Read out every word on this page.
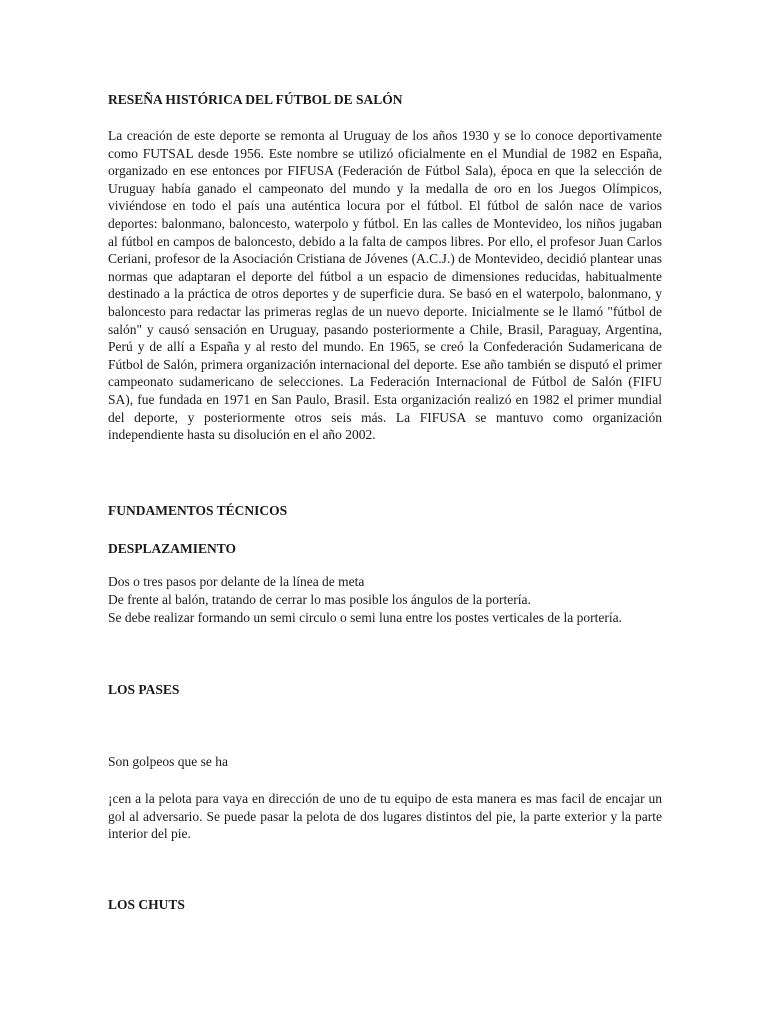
RESEÑA HISTÓRICA DEL FÚTBOL DE SALÓN

La creación de este deporte se remonta al Uruguay de los años 1930 y se lo conoce deportivamente como FUTSAL desde 1956. Este nombre se utilizó oficialmente en el Mundial de 1982 en España, organizado en ese entonces por FIFUSA (Federación de Fútbol Sala), época en que la selección de Uruguay había ganado el campeonato del mundo y la medalla de oro en los Juegos Olímpicos, viviéndose en todo el país una auténtica locura por el fútbol. El fútbol de salón nace de varios deportes: balonmano, baloncesto, waterpolo y fútbol. En las calles de Montevideo, los niños jugaban al fútbol en campos de baloncesto, debido a la falta de campos libres. Por ello, el profesor Juan Carlos Ceriani, profesor de la Asociación Cristiana de Jóvenes (A.C.J.) de Montevideo, decidió plantear unas normas que adaptaran el deporte del fútbol a un espacio de dimensiones reducidas, habitualmente destinado a la práctica de otros deportes y de superficie dura. Se basó en el waterpolo, balonmano, y baloncesto para redactar las primeras reglas de un nuevo deporte. Inicialmente se le llamó "fútbol de salón" y causó sensación en Uruguay, pasando posteriormente a Chile, Brasil, Paraguay, Argentina, Perú y de allí a España y al resto del mundo. En 1965, se creó la Confederación Sudamericana de Fútbol de Salón, primera organización internacional del deporte. Ese año también se disputó el primer campeonato sudamericano de selecciones. La Federación Internacional de Fútbol de Salón (FIFU SA), fue fundada en 1971 en San Paulo, Brasil. Esta organización realizó en 1982 el primer mundial del deporte, y posteriormente otros seis más. La FIFUSA se mantuvo como organización independiente hasta su disolución en el año 2002.

FUNDAMENTOS TÉCNICOS
DESPLAZAMIENTO

Dos o tres pasos por delante de la línea de meta

De frente al balón, tratando de cerrar lo mas posible los ángulos de la portería.

Se debe realizar formando un semi circulo o semi luna entre los postes verticales de la portería.

LOS PASES

Son golpeos que se ha

¡cen a la pelota para vaya en dirección de uno de tu equipo de esta manera es mas facil de encajar un gol al adversario. Se puede pasar la pelota de dos lugares distintos del pie, la parte exterior y la parte interior del pie.

LOS CHUTS
